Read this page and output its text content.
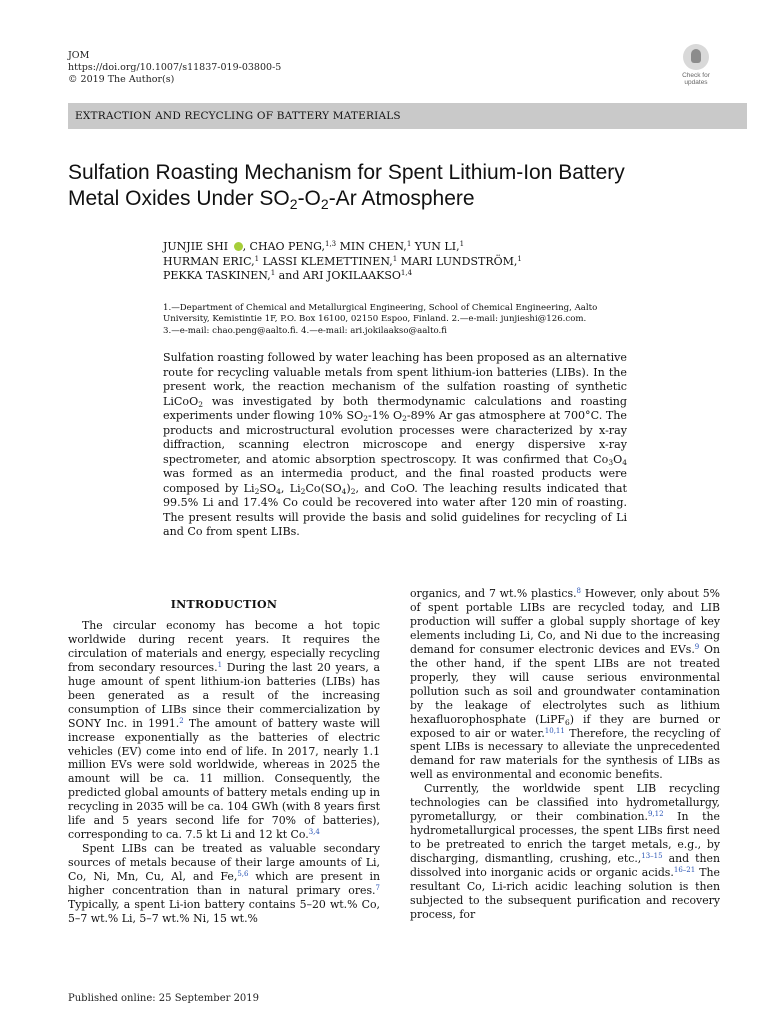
JOM
https://doi.org/10.1007/s11837-019-03800-5
© 2019 The Author(s)	Check for
updates
EXTRACTION AND RECYCLING OF BATTERY MATERIALS
Sulfation Roasting Mechanism for Spent Lithium-Ion Battery
Metal Oxides Under $SO_2-O_2-Ar$ Atmosphere
JUNJIE SHI , CHAO PENG,$^{1,3}$ MIN CHEN,$^1$ YUN LI,$^1$
HURMAN ERIC,$^1$ LASSI KLEMETTINEN,$^1$ MARI LUNDSTRÖM,$^1$
PEKKA TASKINEN,$^1$ and ARI JOKILAAKSO$^{1,4}$
1.—Department of Chemical and Metallurgical Engineering, School of Chemical Engineering, Aalto
University, Kemistintie 1F, P.O. Box 16100, 02150 Espoo, Finland. 2.—e-mail: junjieshi@126.com.
3.—e-mail: chao.peng@aalto.fi. 4.—e-mail: ari.jokilaakso@aalto.fi
Sulfation roasting followed by water leaching has been proposed as an alternative route for recycling valuable metals from spent lithium-ion batteries (LIBs). In the present work, the reaction mechanism of the sulfation roasting of synthetic LiCoO$_2$ was investigated by both thermodynamic calculations and roasting experiments under flowing 10% $SO_2-1\%$ $O_2-89\%$ Ar gas atmosphere at 700°C. The products and microstructural evolution processes were characterized by x-ray diffraction, scanning electron microscope and energy dispersive x-ray spectrometer, and atomic absorption spectroscopy. It was confirmed that $Co_3O_4$ was formed as an intermedia product, and the final roasted products were composed by $Li_2SO_4$, $Li_2Co(SO_4)_2$, and CoO. The leaching results indicated that 99.5% Li and 17.4% Co could be recovered into water after 120 min of roasting. The present results will provide the basis and solid guidelines for recycling of Li and Co from spent LIBs.

INTRODUCTION

The circular economy has become a hot topic worldwide during recent years. It requires the circulation of materials and energy, especially recycling from secondary resources.$^1$ During the last 20 years, a huge amount of spent lithium-ion batteries (LIBs) has been generated as a result of the increasing consumption of LIBs since their commercialization by SONY Inc. in 1991.$^2$ The amount of battery waste will increase exponentially as the batteries of electric vehicles (EV) come into end of life. In 2017, nearly 1.1 million EVs were sold worldwide, whereas in 2025 the amount will be ca. 11 million. Consequently, the predicted global amounts of battery metals ending up in recycling in 2035 will be ca. 104 GWh (with 8 years first life and 5 years second life for 70% of batteries), corresponding to ca. 7.5 kt Li and 12 kt Co.$^{3,4}$

Spent LIBs can be treated as valuable secondary sources of metals because of their large amounts of Li, Co, Ni, Mn, Cu, Al, and Fe,$^{5,6}$ which are present in higher concentration than in natural primary ores.$^7$ Typically, a spent Li-ion battery contains 5–20 wt.% Co, 5–7 wt.% Li, 5–7 wt.% Ni, 15 wt.%

organics, and 7 wt.% plastics.$^8$ However, only about 5% of spent portable LIBs are recycled today, and LIB production will suffer a global supply shortage of key elements including Li, Co, and Ni due to the increasing demand for consumer electronic devices and EVs.$^9$ On the other hand, if the spent LIBs are not treated properly, they will cause serious environmental pollution such as soil and groundwater contamination by the leakage of electrolytes such as lithium hexafluorophosphate (LiPF$_6$) if they are burned or exposed to air or water.$^{10,11}$ Therefore, the recycling of spent LIBs is necessary to alleviate the unprecedented demand for raw materials for the synthesis of LIBs as well as environmental and economic benefits.

Currently, the worldwide spent LIB recycling technologies can be classified into hydrometallurgy, pyrometallurgy, or their combination.$^{9,12}$ In the hydrometallurgical processes, the spent LIBs first need to be pretreated to enrich the target metals, e.g., by discharging, dismantling, crushing, etc.,$^{13-15}$ and then dissolved into inorganic acids or organic acids.$^{16-21}$ The resultant Co, Li-rich acidic leaching solution is then subjected to the subsequent purification and recovery process, for

Published online: 25 September 2019
